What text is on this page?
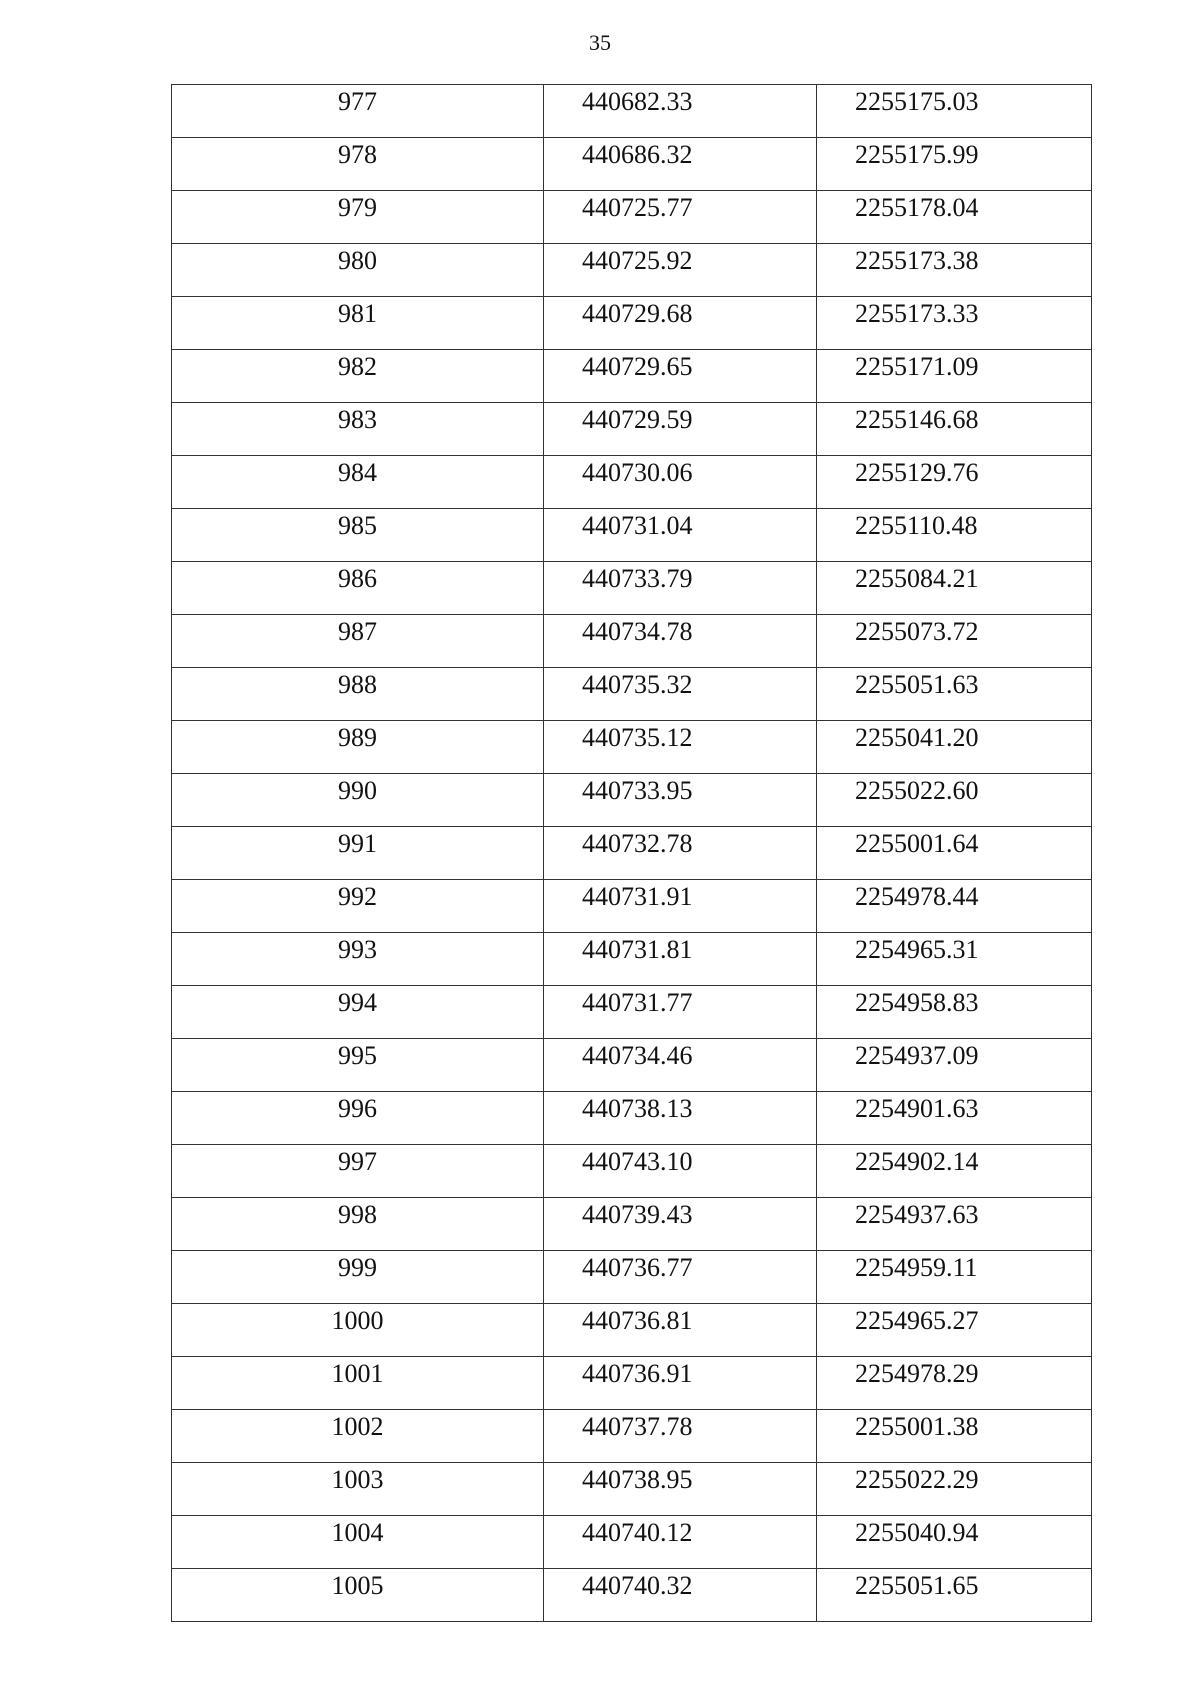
35
977	440682.33	2255175.03
978	440686.32	2255175.99
979	440725.77	2255178.04
980	440725.92	2255173.38
981	440729.68	2255173.33
982	440729.65	2255171.09
983	440729.59	2255146.68
984	440730.06	2255129.76
985	440731.04	2255110.48
986	440733.79	2255084.21
987	440734.78	2255073.72
988	440735.32	2255051.63
989	440735.12	2255041.20
990	440733.95	2255022.60
991	440732.78	2255001.64
992	440731.91	2254978.44
993	440731.81	2254965.31
994	440731.77	2254958.83
995	440734.46	2254937.09
996	440738.13	2254901.63
997	440743.10	2254902.14
998	440739.43	2254937.63
999	440736.77	2254959.11
1000	440736.81	2254965.27
1001	440736.91	2254978.29
1002	440737.78	2255001.38
1003	440738.95	2255022.29
1004	440740.12	2255040.94
1005	440740.32	2255051.65
